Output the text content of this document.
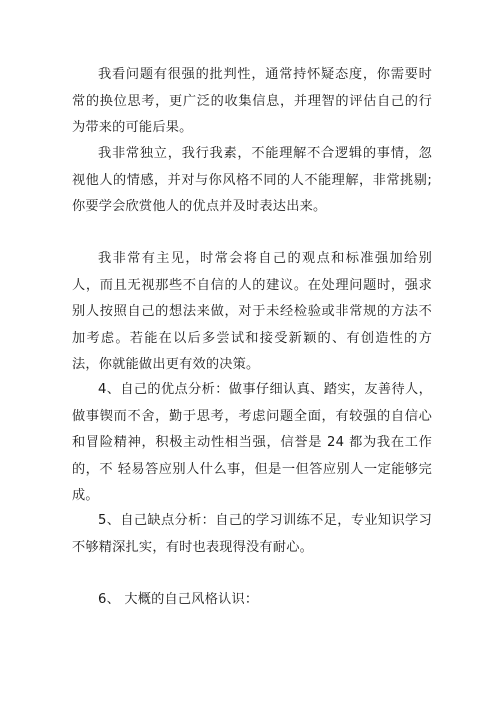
我看问题有很强的批判性，通常持怀疑态度，你需要时常的换位思考，更广泛的收集信息，并理智的评估自己的行为带来的可能后果。

我非常独立，我行我素，不能理解不合逻辑的事情，忽视他人的情感，并对与你风格不同的人不能理解，非常挑剔;你要学会欣赏他人的优点并及时表达出来。

我非常有主见，时常会将自己的观点和标准强加给别人，而且无视那些不自信的人的建议。在处理问题时，强求别人按照自己的想法来做，对于未经检验或非常规的方法不加考虑。若能在以后多尝试和接受新颖的、有创造性的方法，你就能做出更有效的决策。

4、自己的优点分析：做事仔细认真、踏实，友善待人，做事锲而不舍，勤于思考，考虑问题全面，有较强的自信心和冒险精神，积极主动性相当强，信誉是 24 都为我在工作的，不 轻易答应别人什么事，但是一但答应别人一定能够完成。

5、自己缺点分析：自己的学习训练不足，专业知识学习不够精深扎实，有时也表现得没有耐心。

6、 大概的自己风格认识：
